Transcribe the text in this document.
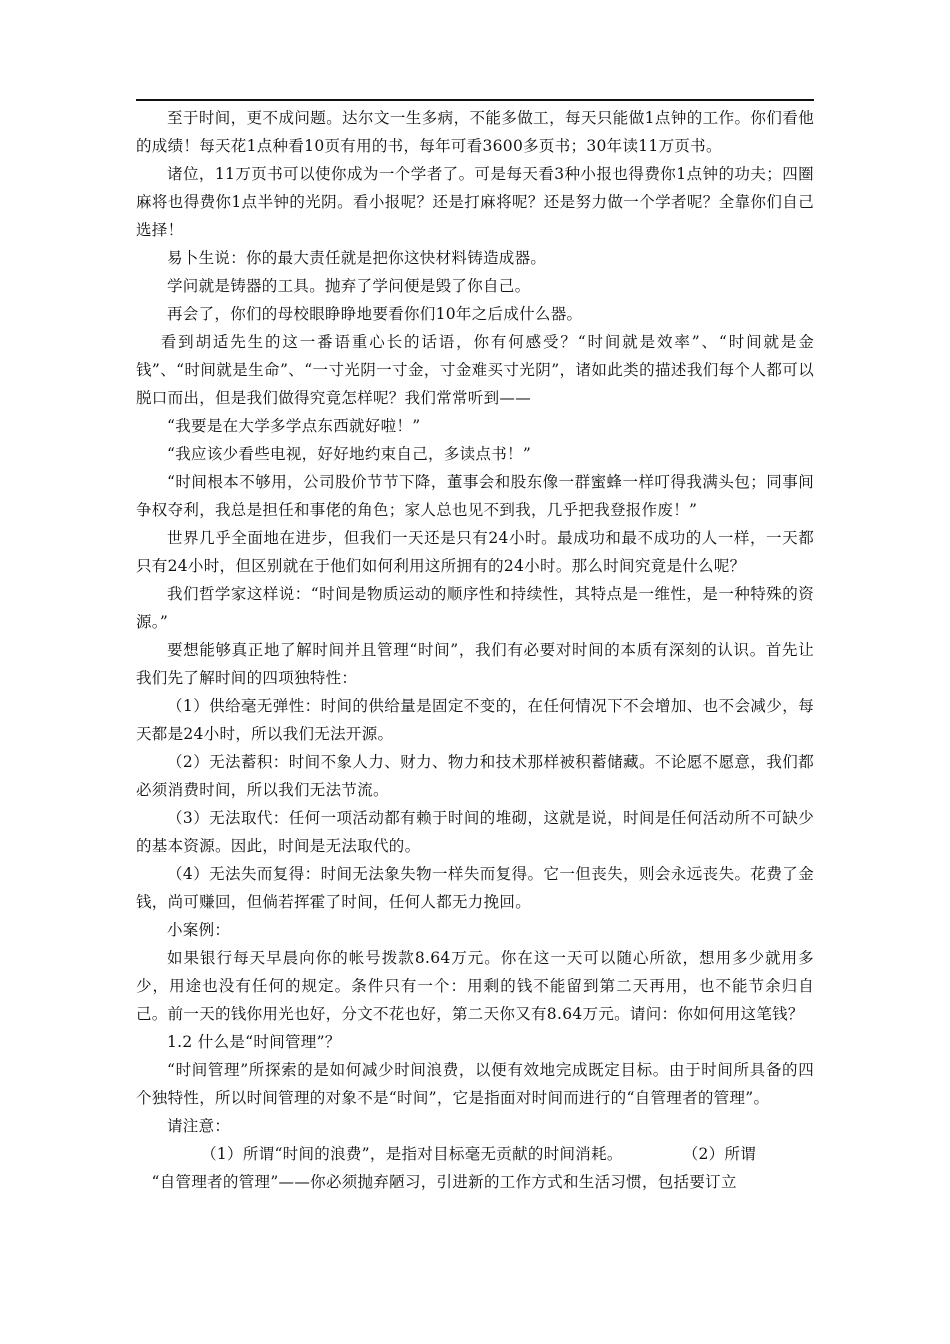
至于时间，更不成问题。达尔文一生多病，不能多做工，每天只能做1点钟的工作。你们看他的成绩！每天花1点种看10页有用的书，每年可看3600多页书；30年读11万页书。

诸位，11万页书可以使你成为一个学者了。可是每天看3种小报也得费你1点钟的功夫；四圈麻将也得费你1点半钟的光阴。看小报呢？还是打麻将呢？还是努力做一个学者呢？全靠你们自己选择！

易卜生说：你的最大责任就是把你这快材料铸造成器。

学问就是铸器的工具。抛弃了学问便是毁了你自己。

再会了，你们的母校眼睁睁地要看你们10年之后成什么器。

看到胡适先生的这一番语重心长的话语，你有何感受？“时间就是效率”、“时间就是金钱”、“时间就是生命”、“一寸光阴一寸金，寸金难买寸光阴”，诸如此类的描述我们每个人都可以脱口而出，但是我们做得究竟怎样呢？我们常常听到——

“我要是在大学多学点东西就好啦！”

“我应该少看些电视，好好地约束自己，多读点书！”

“时间根本不够用，公司股价节节下降，董事会和股东像一群蜜蜂一样叮得我满头包；同事间争权夺利，我总是担任和事佬的角色；家人总也见不到我，几乎把我登报作废！”

世界几乎全面地在进步，但我们一天还是只有24小时。最成功和最不成功的人一样，一天都只有24小时，但区别就在于他们如何利用这所拥有的24小时。那么时间究竟是什么呢？

我们哲学家这样说：“时间是物质运动的顺序性和持续性，其特点是一维性，是一种特殊的资源。”

要想能够真正地了解时间并且管理“时间”，我们有必要对时间的本质有深刻的认识。首先让我们先了解时间的四项独特性：

（1）供给毫无弹性：时间的供给量是固定不变的，在任何情况下不会增加、也不会减少，每天都是24小时，所以我们无法开源。

（2）无法蓄积：时间不象人力、财力、物力和技术那样被积蓄储藏。不论愿不愿意，我们都必须消费时间，所以我们无法节流。

（3）无法取代：任何一项活动都有赖于时间的堆砌，这就是说，时间是任何活动所不可缺少的基本资源。因此，时间是无法取代的。

（4）无法失而复得：时间无法象失物一样失而复得。它一但丧失，则会永远丧失。花费了金钱，尚可赚回，但倘若挥霍了时间，任何人都无力挽回。

小案例：

如果银行每天早晨向你的帐号拨款8.64万元。你在这一天可以随心所欲，想用多少就用多少，用途也没有任何的规定。条件只有一个：用剩的钱不能留到第二天再用，也不能节余归自己。前一天的钱你用光也好，分文不花也好，第二天你又有8.64万元。请问：你如何用这笔钱？

1.2 什么是“时间管理”？

“时间管理”所探索的是如何减少时间浪费，以便有效地完成既定目标。由于时间所具备的四个独特性，所以时间管理的对象不是“时间”，它是指面对时间而进行的“自管理者的管理”。

请注意：

（1）所谓“时间的浪费”，是指对目标毫无贡献的时间消耗。	（2）所谓

“自管理者的管理”——你必须抛弃陋习，引进新的工作方式和生活习惯，包括要订立
